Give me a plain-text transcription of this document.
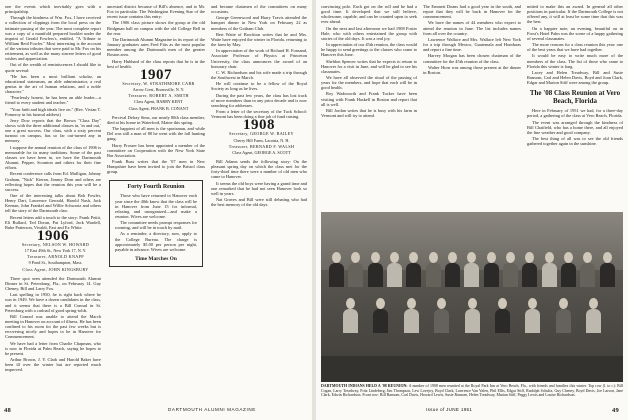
one the events which inevitably goes with a principalship.

Through the kindness of Wm. Fox, I have received a collection of clippings from the local press on the intimate passing of the year. The most complete report was a copy of a manifold prepared booklet under the imprint of Gerald Fowlers's, entitled, "A Tribute to William Reid Fowler." Most interesting is the account of the various tributes that were paid to Mr. Fox on his retirement, as well as the many sincere letters of good wishes and appreciation.

Out of the wealth of reminiscences I should like to quote several:

"He has been a most brilliant scholar, an educational statesman, an able administrator, a real genius in the art of human relations, and a noble character."

"Fearlessly honest, he has been an able leader—a friend to every student and teacher."

"Your faith and high ideals live on." (Rev. Vivian T. Pomeroy in his funeral address)

Jerry Dow reports that the Brown "Class Day" shows with the three additional classes in, 'in and out,' one a great success. Our class, with a sixty percent turnout on campus, has so far out-turned any in memory.

I suppose the annual reunion of the class of 1906 is memorable for its many traditions. Some of the past classes we have been in, we have the Dartmouth Alumni, Pepper, Scranton and others for their fine efforts.

Recent conference calls from Ed. Mulligan, Johnny Graham, "Nick" Kieran, Jimmy Dorn and others are reflecting hopes that the reunion this year will be a success.

One of the interesting talks about Bob Fowler, Henry Dart, Lawrence Gerould, Harold Nash, Jack Keenan, John Frankel and Willie Schwartz and others tell the story of the Dartmouth clan.

Recent letters add a touch to the story: Frank Pettit, Eli Bullard, Ted Doran, Pat Lyford, Jack Wardell, Rube Patterson, Vivaldi, Fast and Ex White.

1906

Secretary, NELSON W. HOWARD

17 East 49th St., New York 17, N. Y.

Treasurer, ARNOLD KNAPP

9 Pond St., Southampton, Mass.

Class Agent, JOHN KINGSBURY

Three spot seen attended the Dartmouth Alumni Dinner in St. Petersburg, Fla., on February 14. Guy Cheney, Bill and Larry Fox.

Last spelling in 1950, he is right back where he was in 1949. We have a dozen candidates in the class, and it seems that there is a Bill Conrad in St. Petersburg with a carload of good spring-tolds.

Bill Conrad was unable to attend the March meeting in Hanover on account of illness. He has been confined to his room for the past few weeks but is recovering nicely and hopes to be in Hanover for Commencement.

We have had a letter from Charlie Chapman, who is now in Florida at Palm Beach, saying he hopes to be present.

Arthur Brown, J. Y. Clark and Harold Baker have been ill over the winter but are reported much improved.

ancestral district because of Bill's absence, and to Mr. Fox in particular. The Washington Evening Star of the recent issue contains this entry:

The 1906 class picture shows the group at the old Bridgman hall on campus with the old College Bell in the rear.

The Dartmouth Alumni Magazine in its report of the January graduates rates Fred Fitts as the most popular member among the Dartmouth men of the greater Boston area.

Harry Hubbard of the class reports that he is in the best of health.

1907

Secretary, W. STRATHMORE CARR

Arrow Crest, Bronxville, N. Y.

Treasurer, ROBERT A. SMITH

Class Agent, HARRY KENT

Class Agent, FRANK B. CONANT

Percival Delray Sims, our nearly 80th class member, died at his home in Waterford, Maine this spring.

The happiest of all men is the sportsman, and while Del was still a man of 80 he went with the fall hunting gang.

Harry Prosser has been appointed a member of the committee on Cooperation with the New York State Bar Association.

Frank Buss writes that the '07 men in New Hampshire have been invited to join the Bristol class group.

Forty Fourth Reunion

Those who have returned to Hanover each year since the 40th know that the class will be in Hanover from June 15 for informal, relaxing and unorganized—and make a reunion. Wives are welcome.

The committee needs prompt responses for rooming, and will be in touch by mail.

As a reminder, a directory, now, apply to the College Bureau. The charge is approximately $5.00 per person per night, payable in advance. Wives are welcome.

Time Marches On

and became chairmen of the committees on many occasions.

George Greenwood and Harry Travis attended the banquet dinner in New York on February 22 as members of the Gotham Club.

Bert Waite of Brockton writes that he and Mrs. Waite have enjoyed the winter in Florida, returning to the farm by May.

In appreciation of the work of Richard H. Fonsand, Associate Professor of Physics at Princeton University, the class announces the award of an honorary chair.

C. W. Richardson and his wife made a trip through the Southwest in March.

He will continue to be a fellow of the Royal Society as long as he lives.

During the past few years, the class has lost track of more members than in any prior decade and is now searching for addresses.

From a letter of the secretary of the Tuck School: Vermont has been doing a fine job of fund raising.

1908

Secretary, GEORGE W. BAILEY

Cherry Hill Farm, Laconia, N. H.

Treasurer, BERNARD F. WALSH

Class Agent, GEORGE A. SCOTT

Bill Adams sends the following story: On the pleasant spring day on which the class met for the forty-third time there were a number of old men who came to Hanover.

It seems the old boys were having a grand time and one remarked that he had not seen Hanover look so well in years.

Nat Graves and Bill were still debating who had the best memory of the old days.

48	DARTMOUTH ALUMNI MAGAZINE

convincing polo. Each got on the roll and he had a good time. It developed that we still believe, wholesome, capable, and can be counted upon to seek ever ahead.

On the next and last afternoon we had 1908 Foster Hale, who with others entertained the group with stories of the old days. It was a real joy.

In appreciation of our 45th reunion, the class would be happy to send greetings to the classes who come to Hanover this June.

Sheldon Spencer writes that he expects to return to Hanover for a visit in June, and will be glad to see his classmates.

We have all observed the ritual of the passing of years for the members, and hope that each will be in good health.

Roy Wadsworth and Frank Tucker have been visiting with Frank Haskell in Boston and report that all is well.

Bill Jordan writes that he is busy with his farm in Vermont and will try to attend.

The Emmett Doans had a good year in the south, and report that they will be back in Hanover for the commencement.

We have the names of 44 members who expect to attend the reunion in June. The list includes names from all over the country.

Lawrence Wallace and Mrs. Wallace left New York for a trip through Mexico, Guatemala and Honduras and report a fine time.

Harvey Morgan has been chosen chairman of the committee for the 45th reunion of the class.

Walter Horn was among those present at the dinner in Boston.

mitted to make this an award. In general all other positions in particular. If the Dartmouth College is not offered any, it will at least be some time that this was the best.

On a happier note, an evening, beautiful on in Frost's Hotel Palm was the scene of a happy gathering of several classmates.

The more reasons for a class reunion this year: one of the best years that we have had together.

It would be easy to write much more of the members of the class. The list of those who came to Florida this winter is long.

Lacey and Helen Treadway, Bill and Susie Ransom, Carl and Helen Davis, Boyd and Joan Clark, Edgar and Marion Stiff were among the group.

The '08 Class Reunion at Vero Beach, Florida

Here in February of 1951 we had, for a three-day period, a gathering of the class at Vero Beach, Florida.

The event was arranged through the kindness of Bill Chatfield, who has a home there, and all enjoyed the fine weather and good company.

The best thing of all was to see the old friends gathered together again in the sunshine.

DARTMOUTH INDIANS HELD A '08 REUNION: A number of 1908 men reunited at the Royal Park Inn at Vero Beach, Fla., with friends and families this winter. Top row (l. to r.): Bill Cogan, Larry Treadway, Fritz Lindeberg, Jim Thompson, Lew Lovejoy, Boyd Clark, Lawrence Van Valen, Phil Ellis, Edgar Stiff, Rudolph Schultz, Guy Cheney, Boyd Davis, Joe Larson, Jane Clark, Edwin Richardson. Front row: Bill Ransom, Carl Davis, Howard Lewis, Susie Ransom, Helen Treadway, Marian Stiff, Peggy Lewis and Louise Richardson.
Issue of JUNE 1951	49
